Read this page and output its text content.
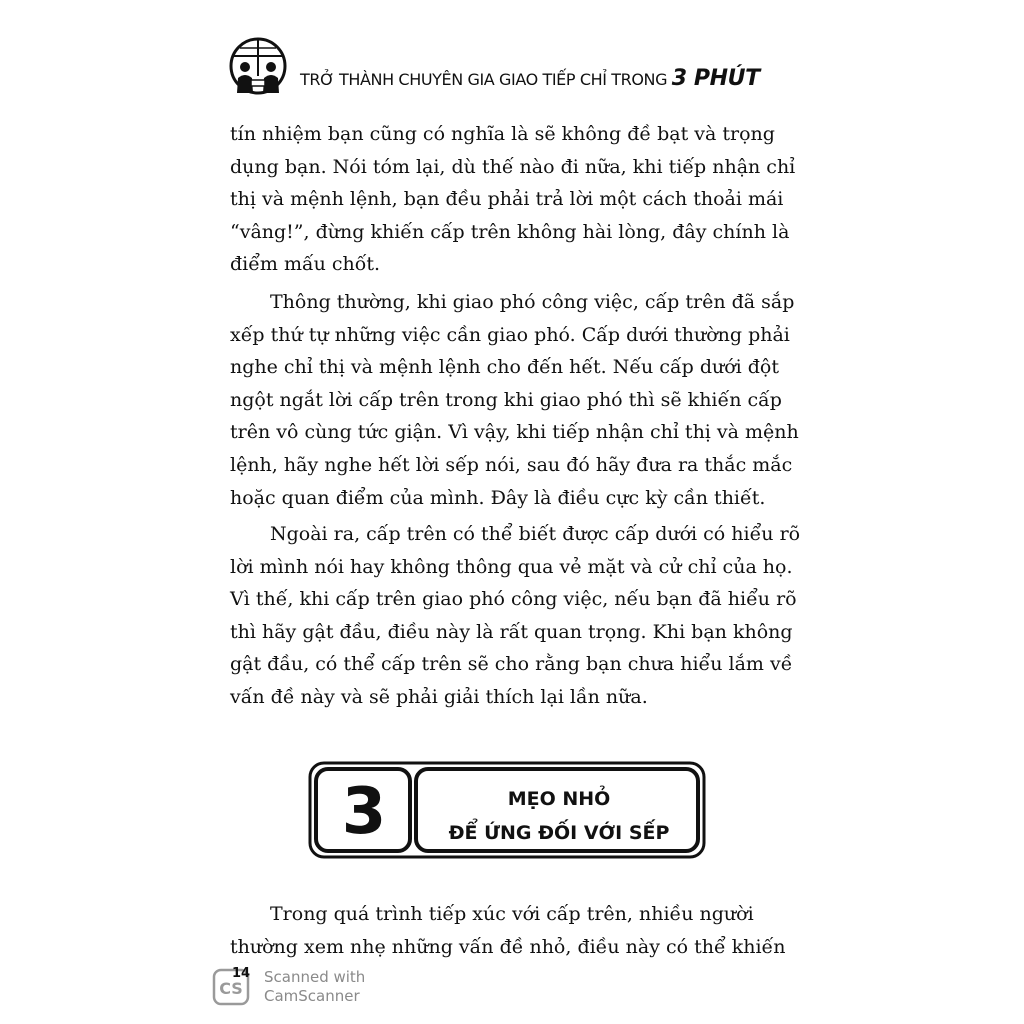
TRỞ THÀNH CHUYÊN GIA GIAO TIẾP CHỈ TRONG 3 PHÚT

tín nhiệm bạn cũng có nghĩa là sẽ không đề bạt và trọng
dụng bạn. Nói tóm lại, dù thế nào đi nữa, khi tiếp nhận chỉ
thị và mệnh lệnh, bạn đều phải trả lời một cách thoải mái
“vâng!”, đừng khiến cấp trên không hài lòng, đây chính là
điểm mấu chốt.

Thông thường, khi giao phó công việc, cấp trên đã sắp
xếp thứ tự những việc cần giao phó. Cấp dưới thường phải
nghe chỉ thị và mệnh lệnh cho đến hết. Nếu cấp dưới đột
ngột ngắt lời cấp trên trong khi giao phó thì sẽ khiến cấp
trên vô cùng tức giận. Vì vậy, khi tiếp nhận chỉ thị và mệnh
lệnh, hãy nghe hết lời sếp nói, sau đó hãy đưa ra thắc mắc
hoặc quan điểm của mình. Đây là điều cực kỳ cần thiết.

Ngoài ra, cấp trên có thể biết được cấp dưới có hiểu rõ
lời mình nói hay không thông qua vẻ mặt và cử chỉ của họ.
Vì thế, khi cấp trên giao phó công việc, nếu bạn đã hiểu rõ
thì hãy gật đầu, điều này là rất quan trọng. Khi bạn không
gật đầu, có thể cấp trên sẽ cho rằng bạn chưa hiểu lắm về
vấn đề này và sẽ phải giải thích lại lần nữa.

3	MẸO NHỎ
ĐỂ ỨNG ĐỐI VỚI SẾP

Trong quá trình tiếp xúc với cấp trên, nhiều người
thường xem nhẹ những vấn đề nhỏ, điều này có thể khiến

CS
Scanned with
CamScanner
14
